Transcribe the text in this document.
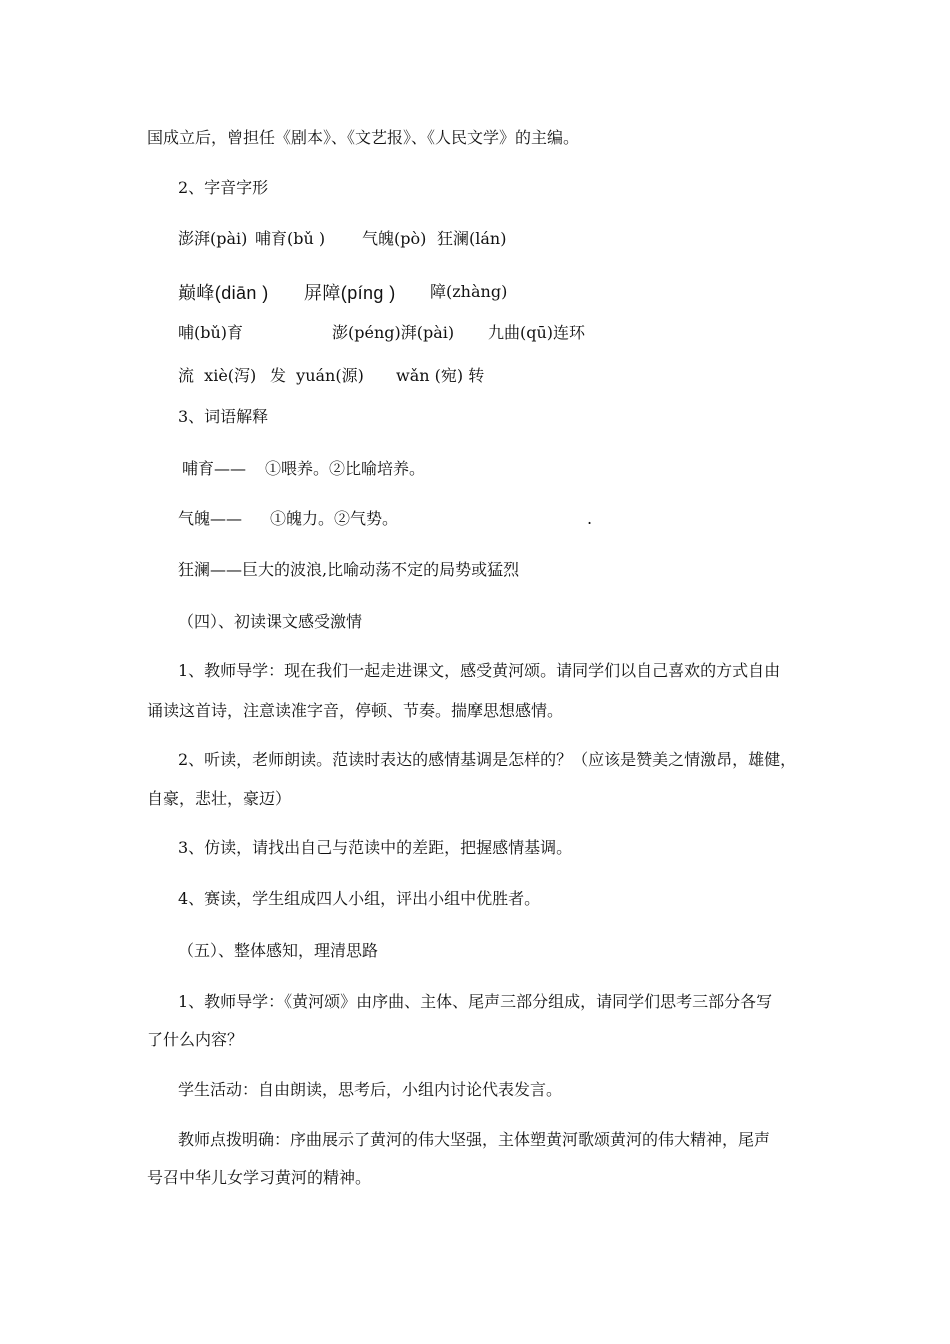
国成立后，曾担任《剧本》、《文艺报》、《人民文学》的主编。
2、字音字形
澎湃(pài) 哺育(bǔ ) 气魄(pò) 狂澜(lán)
巅峰(diān ) 屏障(píng ) 障(zhàng)
哺(bǔ)育	澎(péng)湃(pài) 九曲(qū)连环
流  xiè(泻) 发  yuán(源) wǎn (宛) 转
3、词语解释
哺育—— ①喂养。②比喻培养。
气魄—— ①魄力。②气势。	.
狂澜——巨大的波浪,比喻动荡不定的局势或猛烈
（四）、初读课文感受激情
1、教师导学：现在我们一起走进课文，感受黄河颂。请同学们以自己喜欢的方式自由
诵读这首诗，注意读准字音，停顿、节奏。揣摩思想感情。
2、听读，老师朗读。范读时表达的感情基调是怎样的？（应该是赞美之情激昂，雄健，
自豪，悲壮，豪迈）
3、仿读，请找出自己与范读中的差距，把握感情基调。
4、赛读，学生组成四人小组，评出小组中优胜者。
（五）、整体感知，理清思路
1、教师导学：《黄河颂》由序曲、主体、尾声三部分组成，请同学们思考三部分各写
了什么内容？
学生活动：自由朗读，思考后，小组内讨论代表发言。
教师点拨明确：序曲展示了黄河的伟大坚强，主体塑黄河歌颂黄河的伟大精神，尾声
号召中华儿女学习黄河的精神。
